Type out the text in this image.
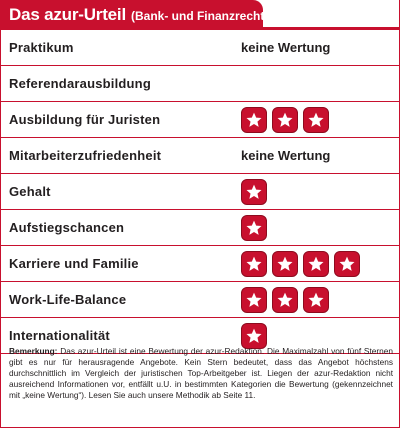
Das azur-Urteil (Bank- und Finanzrecht)
Praktikum	keine Wertung
Referendarausbildung
Ausbildung für Juristen
Mitarbeiterzufriedenheit	keine Wertung
Gehalt
Aufstiegschancen
Karriere und Familie
Work-Life-Balance
Internationalität
Bemerkung: Das azur-Urteil ist eine Bewertung der azur-Redaktion. Die Maximalzahl von fünf Sternen gibt es nur für herausragende Angebote. Kein Stern bedeutet, dass das Angebot höchstens durchschnittlich im Vergleich der juristischen Top-Arbeitgeber ist. Liegen der azur-Redaktion nicht ausreichend Informationen vor, entfällt u.U. in bestimmten Kategorien die Bewertung (gekennzeichnet mit „keine Wertung“). Lesen Sie auch unsere Methodik ab Seite 11.
